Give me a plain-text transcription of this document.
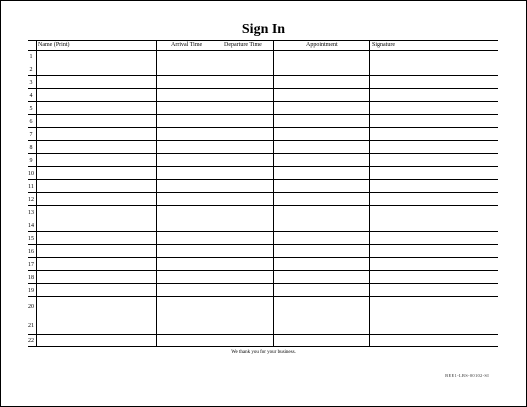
Sign In
Name (Print)	Arrival Time	Departure Time	Appointment	Signature
1
2
3
4
5
6
7
8
9
10
11
12
13
14
15
16
17
18
19
20
21
22
We thank you for your business.
BEE1-LBS-00102-SI
